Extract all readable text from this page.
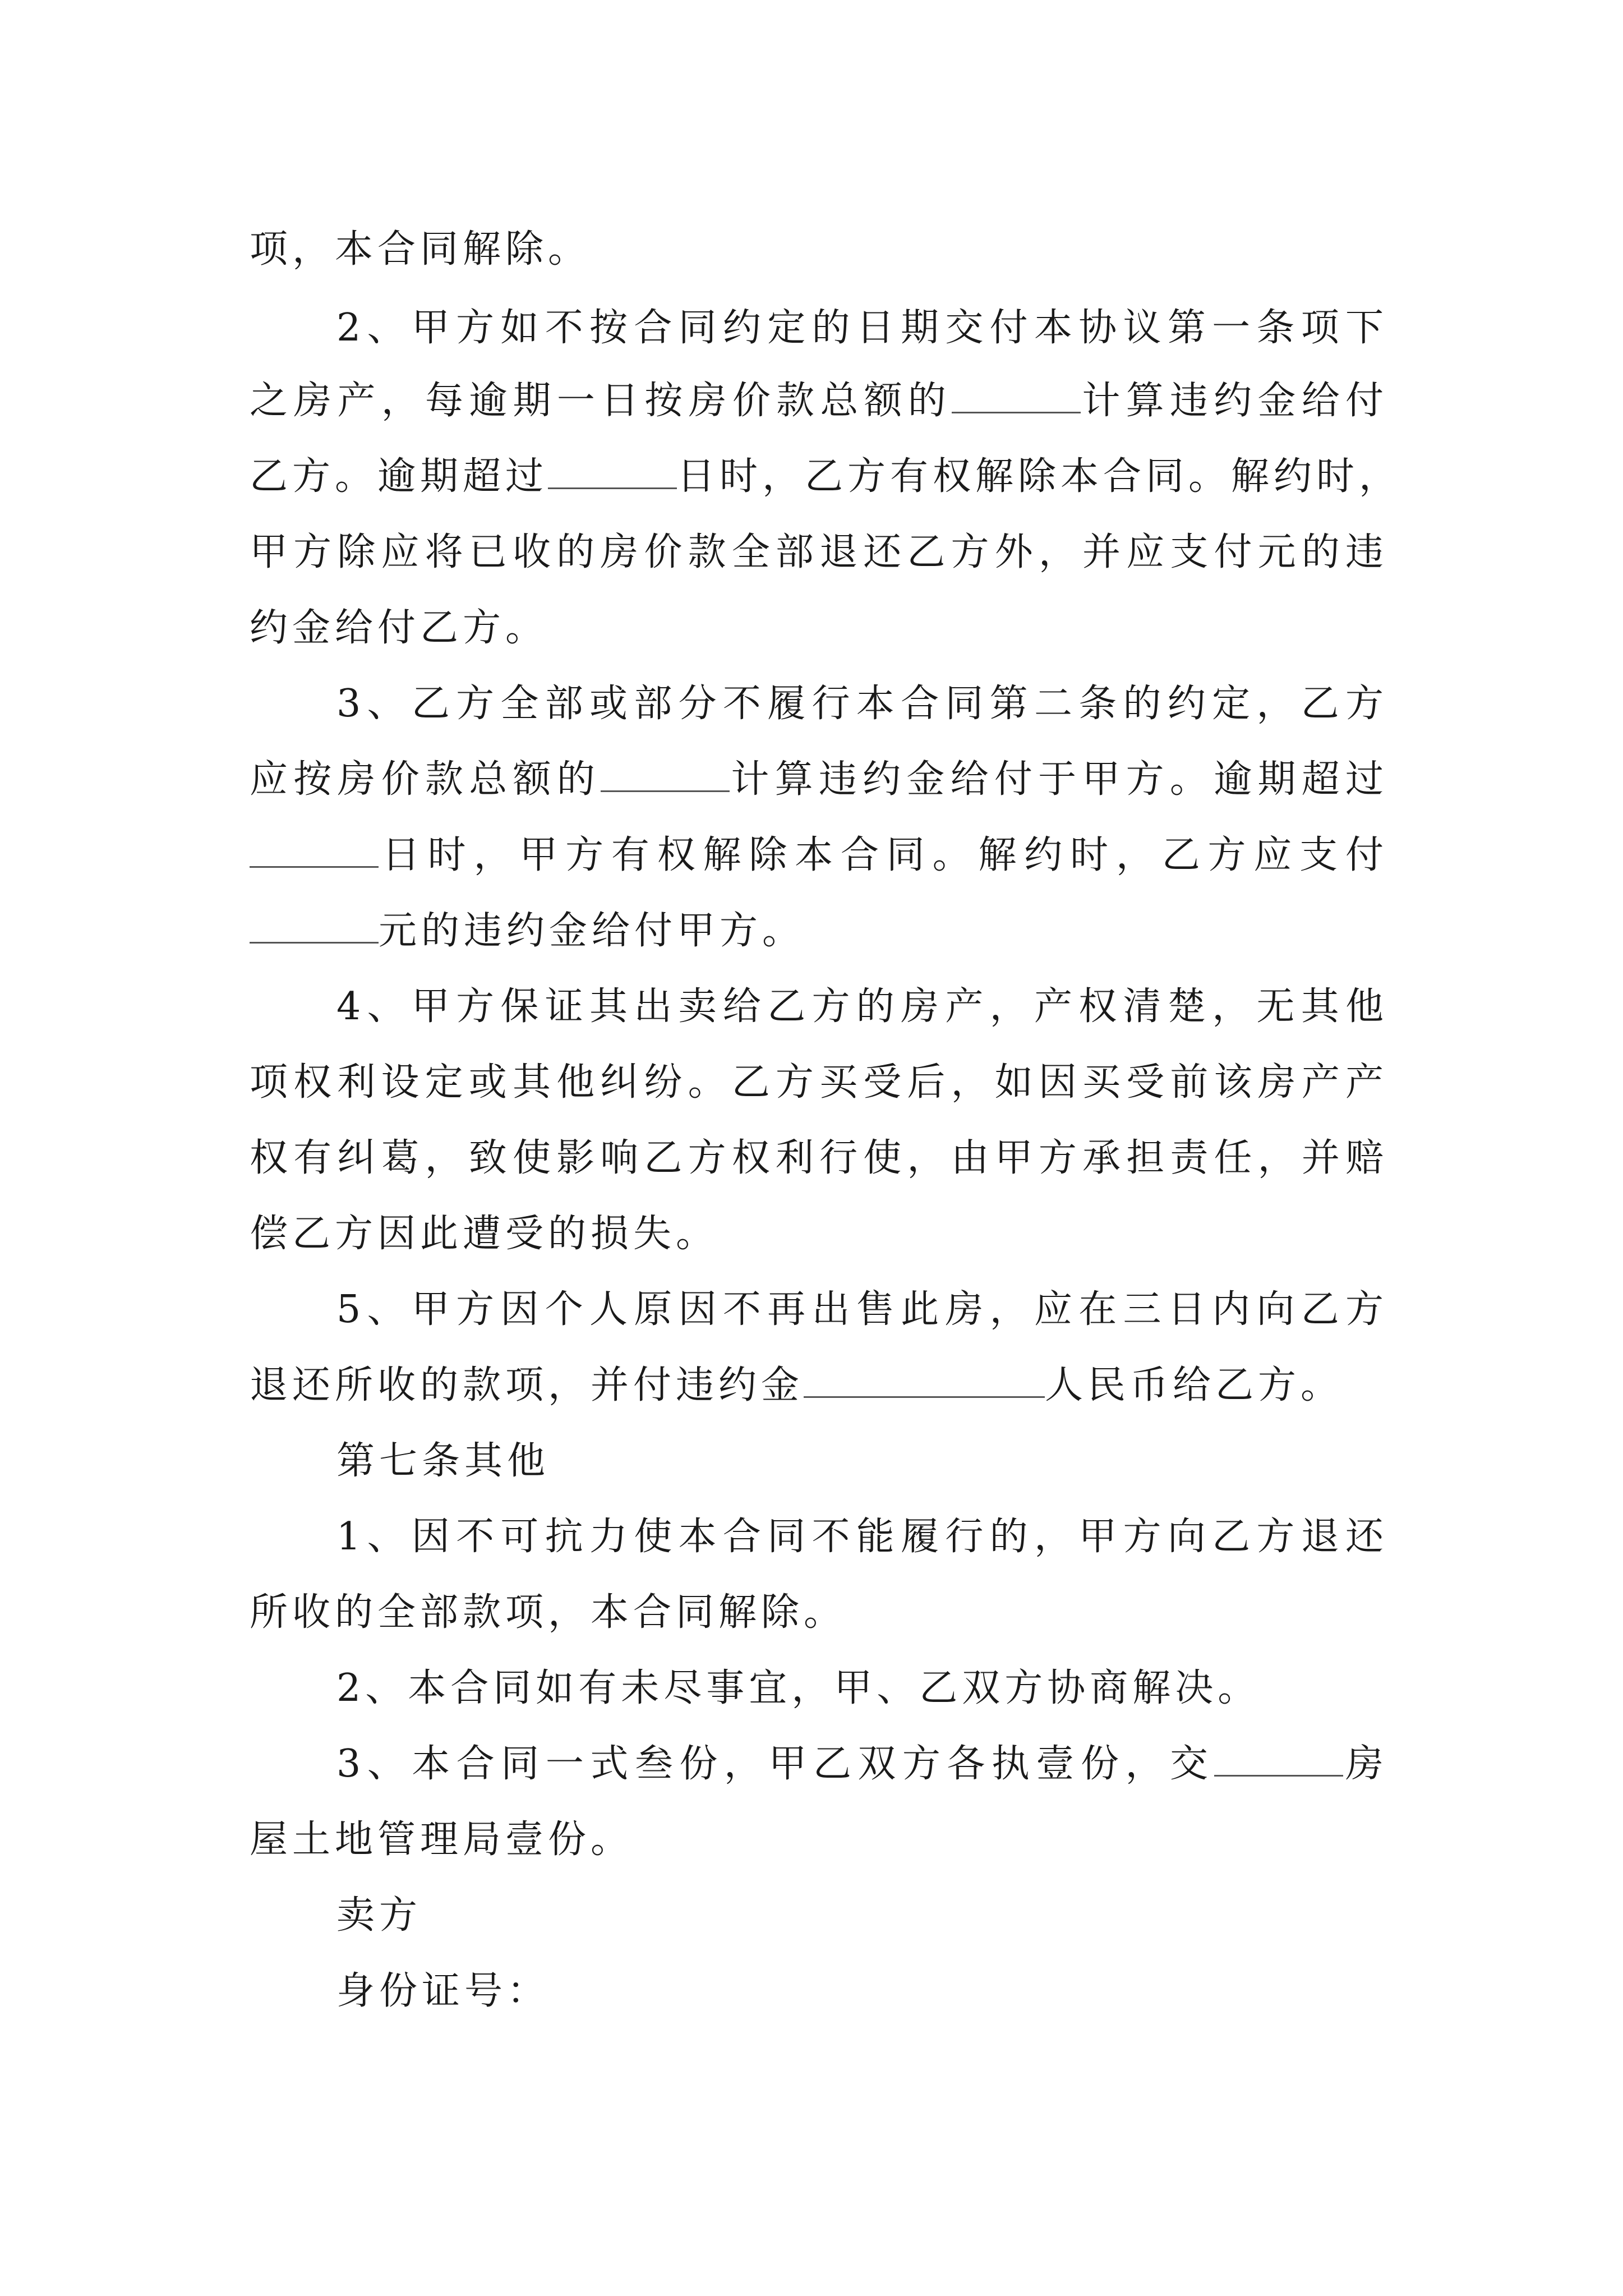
项，本合同解除。
2、甲方如不按合同约定的日期交付本协议第一条项下
之房产，每逾期一日按房价款总额的	计算违约金给付
乙方。逾期超过	日时，乙方有权解除本合同。解约时，
甲方除应将已收的房价款全部退还乙方外，并应支付元的违
约金给付乙方。
3、乙方全部或部分不履行本合同第二条的约定，乙方
应按房价款总额的	计算违约金给付于甲方。逾期超过
日时，甲方有权解除本合同。解约时，乙方应支付
元的违约金给付甲方。
4、甲方保证其出卖给乙方的房产，产权清楚，无其他
项权利设定或其他纠纷。乙方买受后，如因买受前该房产产
权有纠葛，致使影响乙方权利行使，由甲方承担责任，并赔
偿乙方因此遭受的损失。
5、甲方因个人原因不再出售此房，应在三日内向乙方
退还所收的款项，并付违约金	人民币给乙方。
第七条其他
1、因不可抗力使本合同不能履行的，甲方向乙方退还
所收的全部款项，本合同解除。
2、本合同如有未尽事宜，甲、乙双方协商解决。
3、本合同一式叁份，甲乙双方各执壹份，交	房
屋土地管理局壹份。
卖方
身份证号：
